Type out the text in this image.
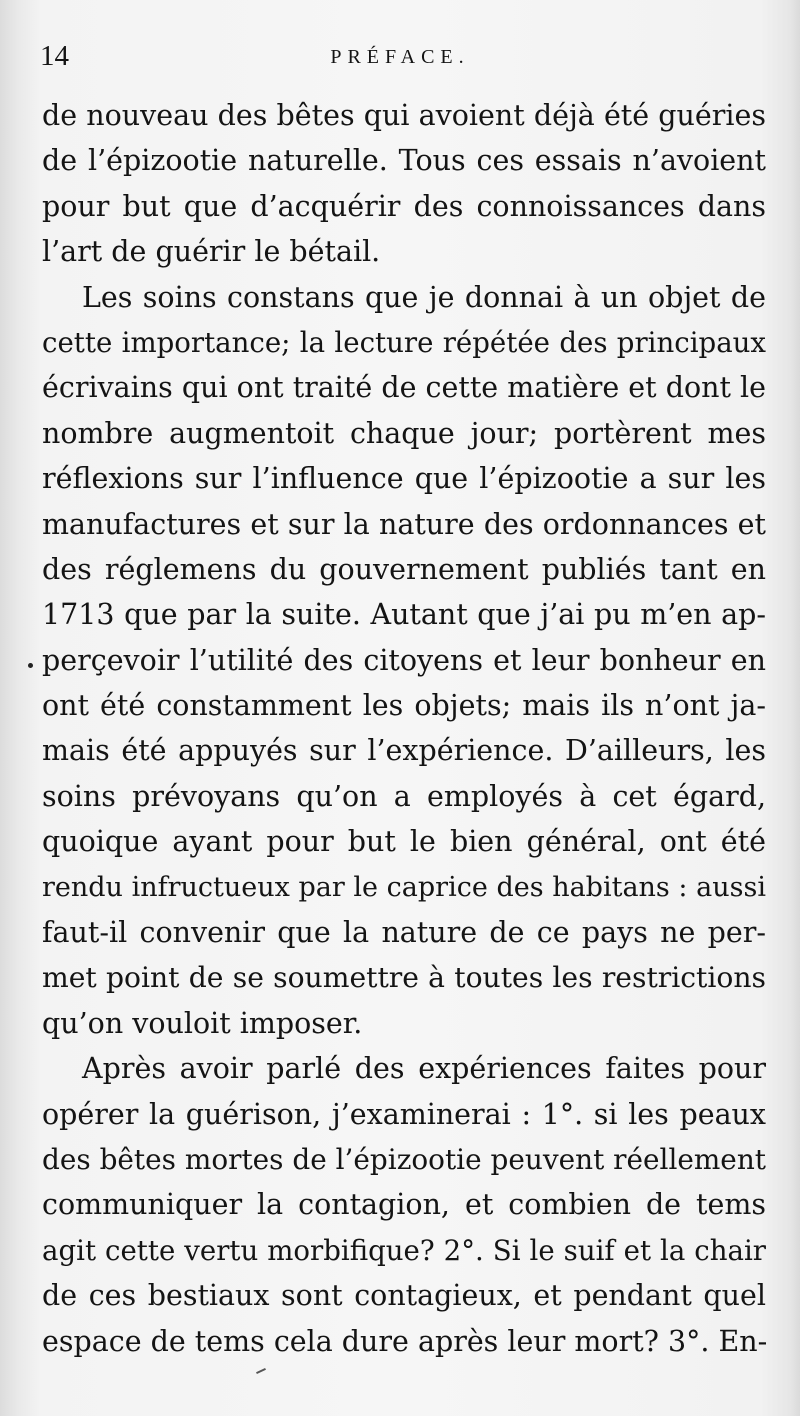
14	PRÉFACE.
de nouveau des bêtes qui avoient déjà été guéries
de l’épizootie naturelle. Tous ces essais n’avoient
pour but que d’acquérir des connoissances dans
l’art de guérir le bétail.
Les soins constans que je donnai à un objet de
cette importance; la lecture répétée des principaux
écrivains qui ont traité de cette matière et dont le
nombre augmentoit chaque jour; portèrent mes
réflexions sur l’influence que l’épizootie a sur les
manufactures et sur la nature des ordonnances et
des réglemens du gouvernement publiés tant en
1713 que par la suite. Autant que j’ai pu m’en ap-
perçevoir l’utilité des citoyens et leur bonheur en
ont été constamment les objets; mais ils n’ont ja-
mais été appuyés sur l’expérience. D’ailleurs, les
soins prévoyans qu’on a employés à cet égard,
quoique ayant pour but le bien général, ont été
rendu infructueux par le caprice des habitans : aussi
faut-il convenir que la nature de ce pays ne per-
met point de se soumettre à toutes les restrictions
qu’on vouloit imposer.
Après avoir parlé des expériences faites pour
opérer la guérison, j’examinerai : 1°. si les peaux
des bêtes mortes de l’épizootie peuvent réellement
communiquer la contagion, et combien de tems
agit cette vertu morbifique? 2°. Si le suif et la chair
de ces bestiaux sont contagieux, et pendant quel
espace de tems cela dure après leur mort? 3°. En-
